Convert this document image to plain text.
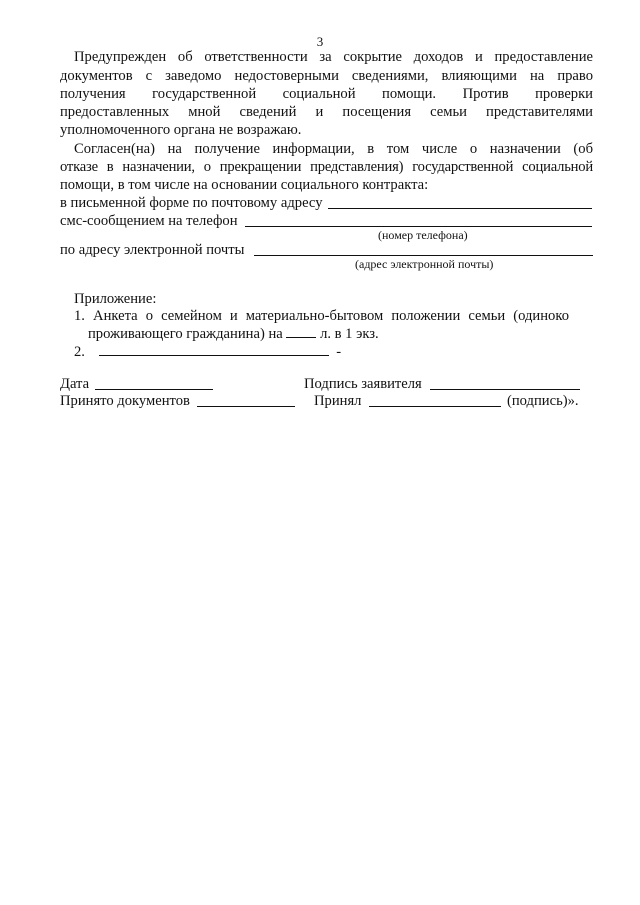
3
Предупрежден об ответственности за сокрытие доходов и предоставление
документов с заведомо недостоверными сведениями, влияющими на право
получения государственной социальной помощи. Против проверки
предоставленных мной сведений и посещения семьи представителями
уполномоченного органа не возражаю.
Согласен(на) на получение информации, в том числе о назначении (об
отказе в назначении, о прекращении представления) государственной социальной
помощи, в том числе на основании социального контракта:
в письменной форме по почтовому адресу
смс-сообщением на телефон
(номер телефона)
по адресу электронной почты
(адрес электронной почты)
Приложение:
1. Анкета о семейном и материально-бытовом положении семьи (одиноко
проживающего гражданина) на	л. в 1 экз.
2.	-
Дата	Подпись заявителя
Принято документов	Принял	(подпись)».
